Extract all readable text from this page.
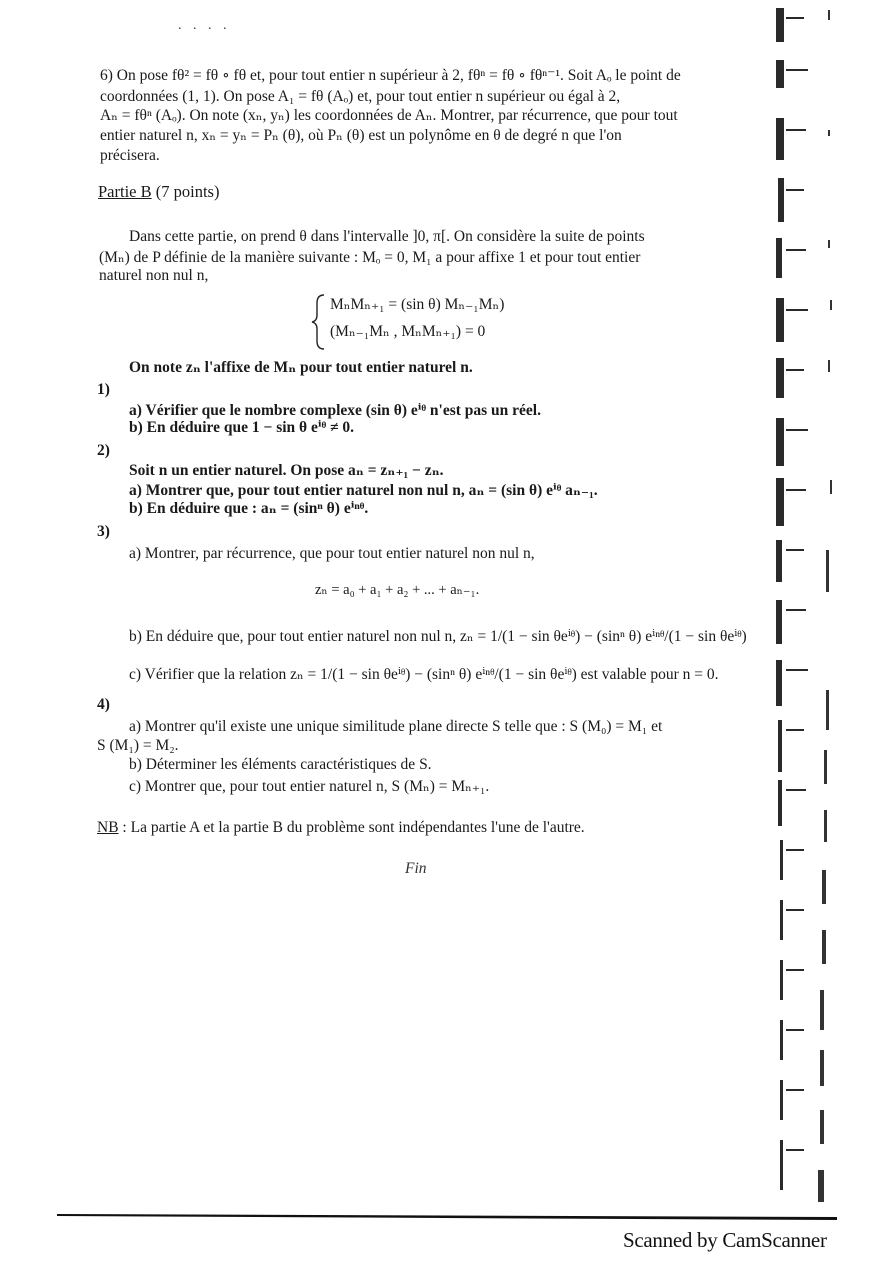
. . . .
6) On pose fθ² = fθ ∘ fθ et, pour tout entier n supérieur à 2, fθⁿ = fθ ∘ fθⁿ⁻¹. Soit Aₒ le point de
coordonnées (1, 1). On pose A₁ = fθ (Aₒ) et, pour tout entier n supérieur ou égal à 2,
Aₙ = fθⁿ (Aₒ). On note (xₙ, yₙ) les coordonnées de Aₙ. Montrer, par récurrence, que pour tout
entier naturel n, xₙ = yₙ = Pₙ (θ), où Pₙ (θ) est un polynôme en θ de degré n que l'on
précisera.
Partie B (7 points)
Dans cette partie, on prend θ dans l'intervalle ]0, π[. On considère la suite de points
(Mₙ) de P définie de la manière suivante : Mₒ = 0, M₁ a pour affixe 1 et pour tout entier
naturel non nul n,
MₙMₙ₊₁ = (sin θ) Mₙ₋₁Mₙ)
(Mₙ₋₁Mₙ , MₙMₙ₊₁) = 0
On note zₙ l'affixe de Mₙ pour tout entier naturel n.
1)
a) Vérifier que le nombre complexe (sin θ) eⁱᶿ n'est pas un réel.
b) En déduire que 1 − sin θ eⁱᶿ ≠ 0.
2)
Soit n un entier naturel. On pose aₙ = zₙ₊₁ − zₙ.
a) Montrer que, pour tout entier naturel non nul n, aₙ = (sin θ) eⁱᶿ aₙ₋₁.
b) En déduire que : aₙ = (sinⁿ θ) eⁱⁿᶿ.
3)
a) Montrer, par récurrence, que pour tout entier naturel non nul n,
zₙ = a₀ + a₁ + a₂ + ... + aₙ₋₁.
b) En déduire que, pour tout entier naturel non nul n, zₙ = 1/(1 − sin θeⁱᶿ) − (sinⁿ θ) eⁱⁿᶿ/(1 − sin θeⁱᶿ)
c) Vérifier que la relation zₙ = 1/(1 − sin θeⁱᶿ) − (sinⁿ θ) eⁱⁿᶿ/(1 − sin θeⁱᶿ) est valable pour n = 0.
4)
a) Montrer qu'il existe une unique similitude plane directe S telle que : S (M₀) = M₁ et
S (M₁) = M₂.
b) Déterminer les éléments caractéristiques de S.
c) Montrer que, pour tout entier naturel n, S (Mₙ) = Mₙ₊₁.
NB : La partie A et la partie B du problème sont indépendantes l'une de l'autre.
Fin
Scanned by CamScanner
